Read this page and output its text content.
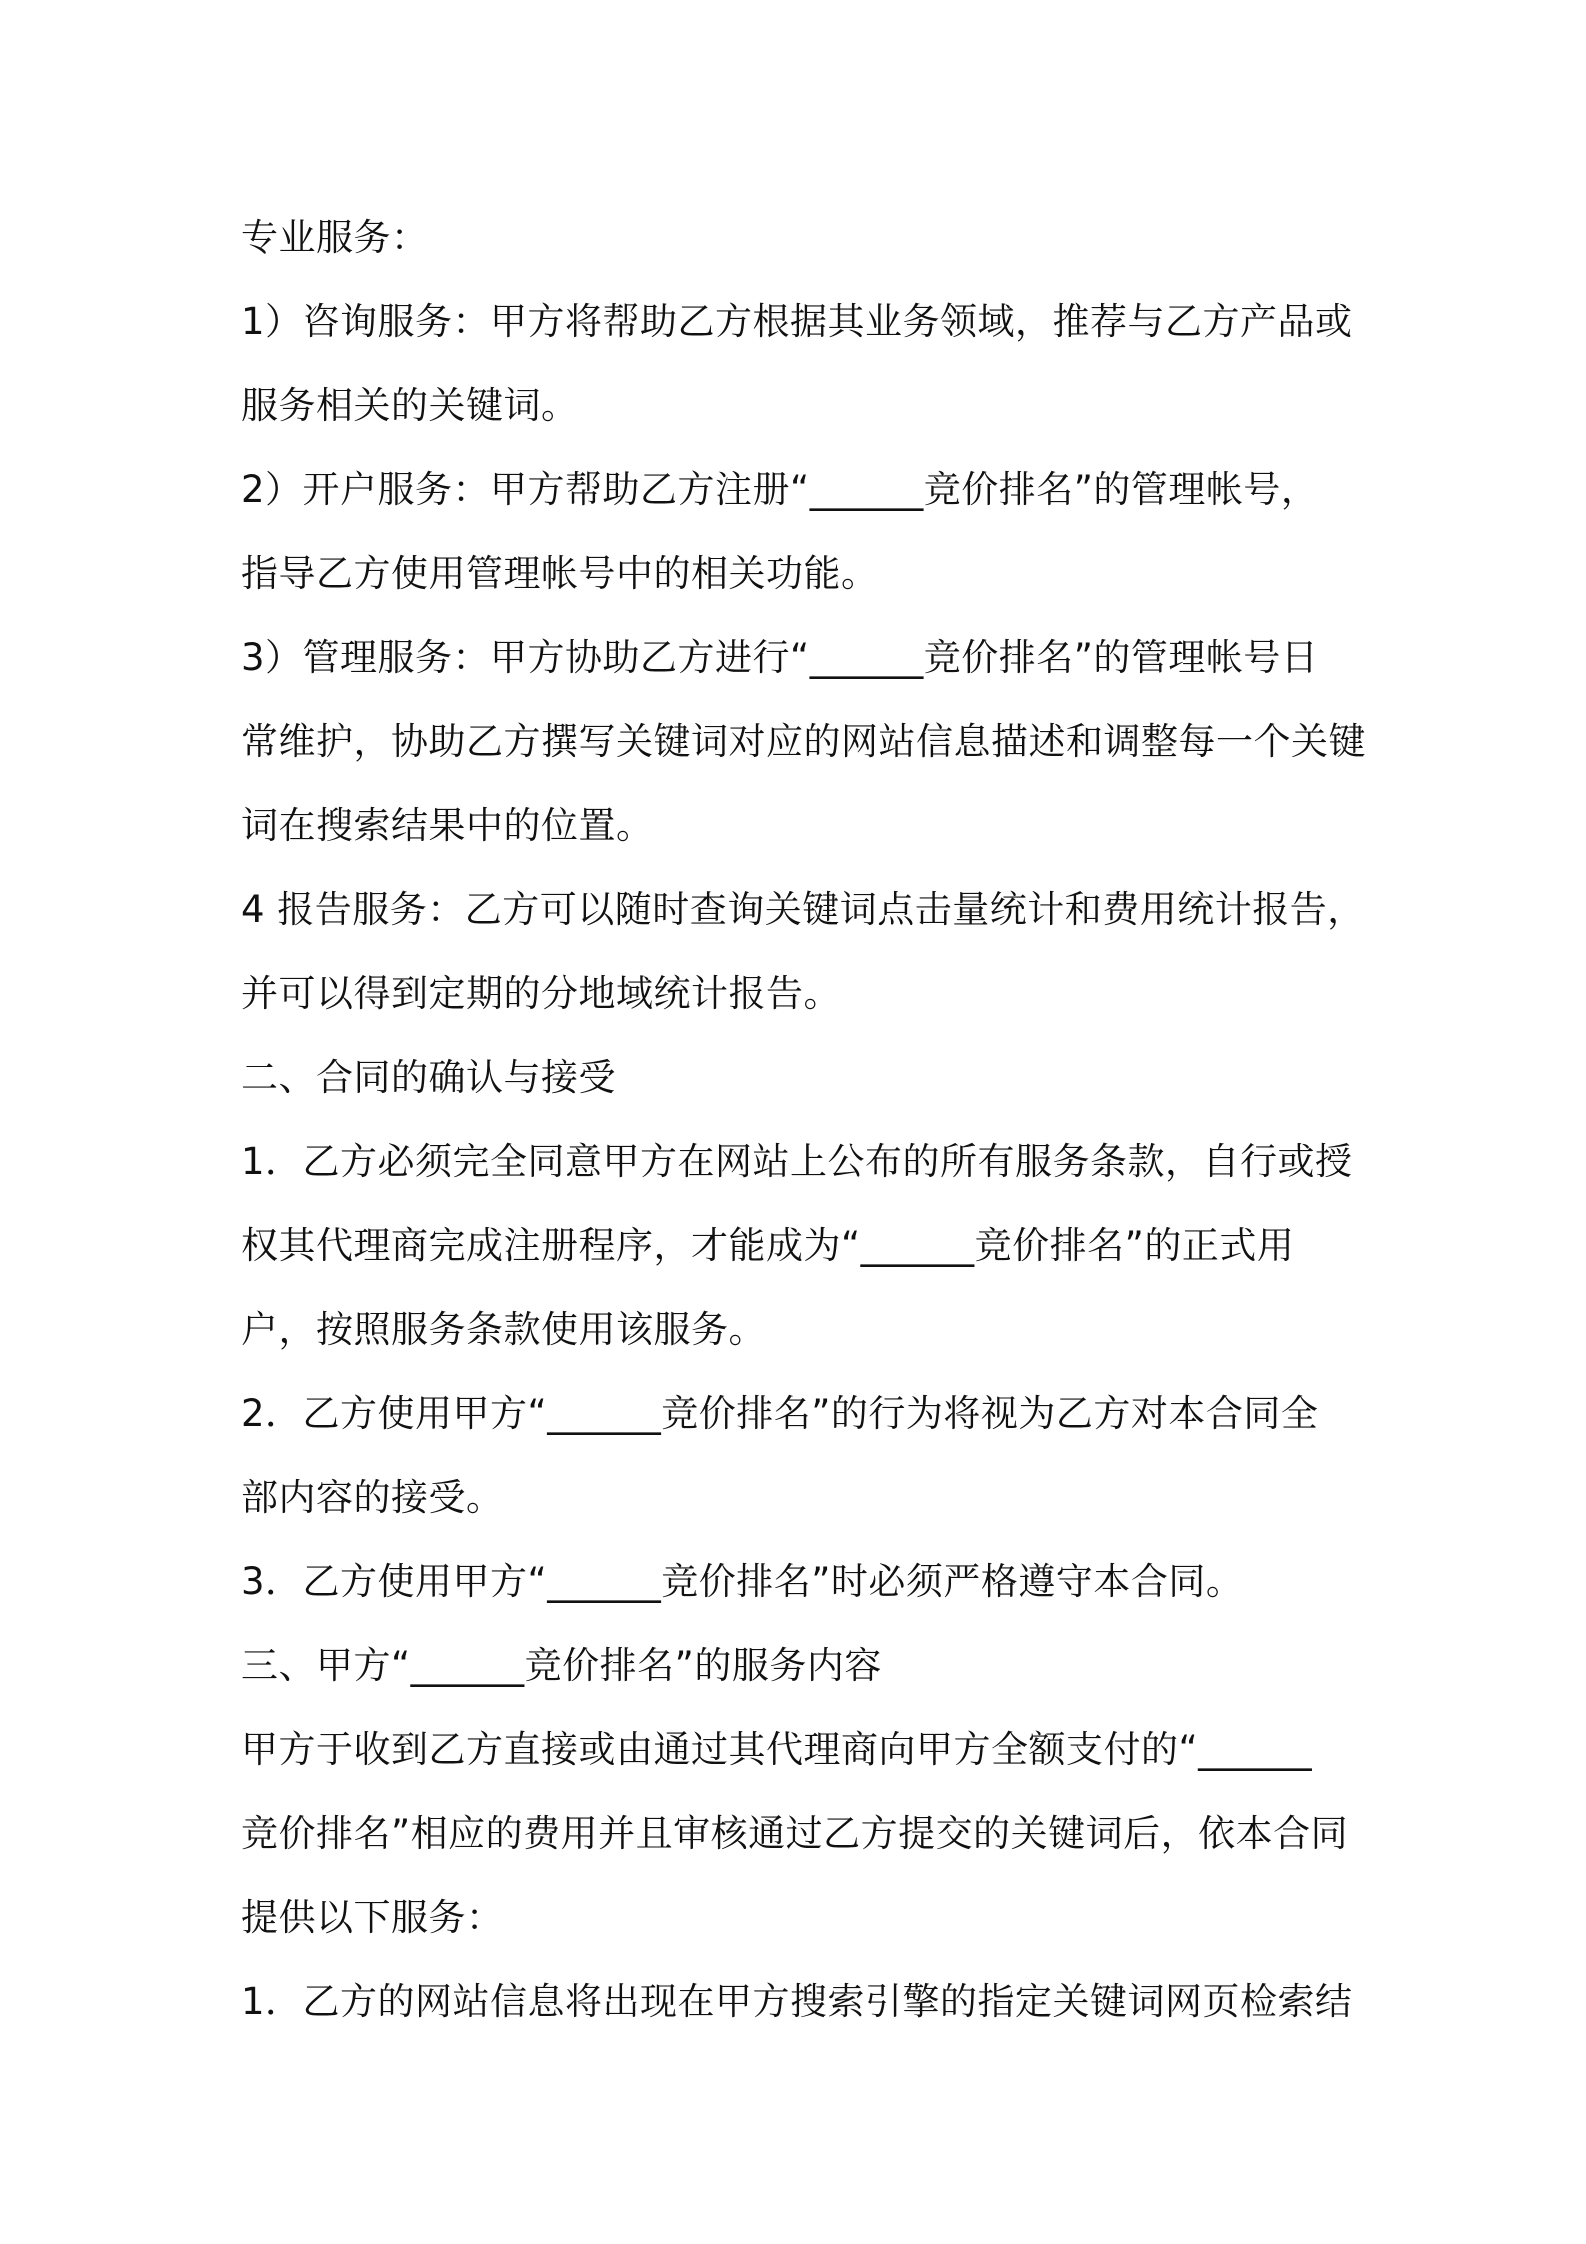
专业服务：
1）咨询服务：甲方将帮助乙方根据其业务领域，推荐与乙方产品或
服务相关的关键词。
2）开户服务：甲方帮助乙方注册“______竞价排名”的管理帐号，
指导乙方使用管理帐号中的相关功能。
3）管理服务：甲方协助乙方进行“______竞价排名”的管理帐号日
常维护，协助乙方撰写关键词对应的网站信息描述和调整每一个关键
词在搜索结果中的位置。
4 报告服务：乙方可以随时查询关键词点击量统计和费用统计报告，
并可以得到定期的分地域统计报告。
二、合同的确认与接受
1．乙方必须完全同意甲方在网站上公布的所有服务条款，自行或授
权其代理商完成注册程序，才能成为“______竞价排名”的正式用
户，按照服务条款使用该服务。
2．乙方使用甲方“______竞价排名”的行为将视为乙方对本合同全
部内容的接受。
3．乙方使用甲方“______竞价排名”时必须严格遵守本合同。
三、甲方“______竞价排名”的服务内容
甲方于收到乙方直接或由通过其代理商向甲方全额支付的“______
竞价排名”相应的费用并且审核通过乙方提交的关键词后，依本合同
提供以下服务：
1．乙方的网站信息将出现在甲方搜索引擎的指定关键词网页检索结
